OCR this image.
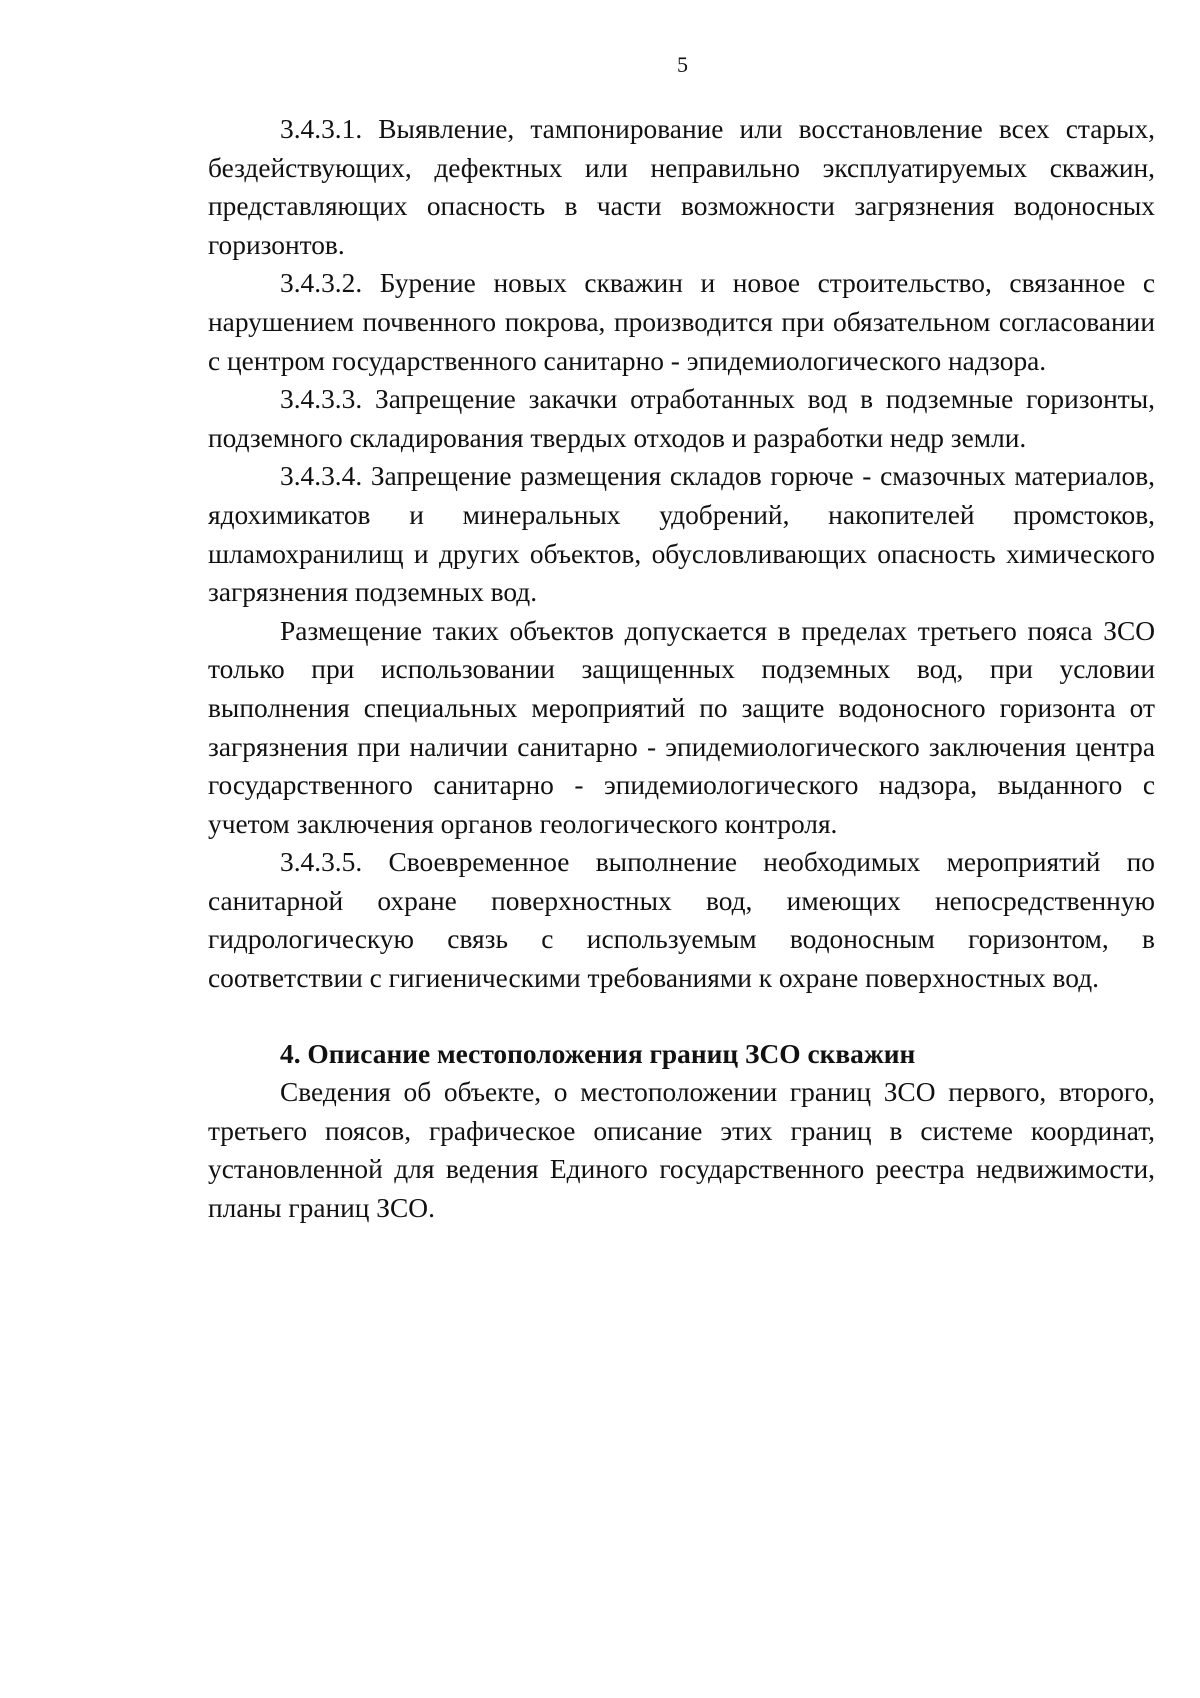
5

3.4.3.1. Выявление, тампонирование или восстановление всех старых, бездействующих, дефектных или неправильно эксплуатируемых скважин, представляющих опасность в части возможности загрязнения водоносных горизонтов.

3.4.3.2. Бурение новых скважин и новое строительство, связанное с нарушением почвенного покрова, производится при обязательном согласовании с центром государственного санитарно - эпидемиологического надзора.

3.4.3.3. Запрещение закачки отработанных вод в подземные горизонты, подземного складирования твердых отходов и разработки недр земли.

3.4.3.4. Запрещение размещения складов горюче - смазочных материалов, ядохимикатов и минеральных удобрений, накопителей промстоков, шламохранилищ и других объектов, обусловливающих опасность химического загрязнения подземных вод.

Размещение таких объектов допускается в пределах третьего пояса ЗСО только при использовании защищенных подземных вод, при условии выполнения специальных мероприятий по защите водоносного горизонта от загрязнения при наличии санитарно - эпидемиологического заключения центра государственного санитарно - эпидемиологического надзора, выданного с учетом заключения органов геологического контроля.

3.4.3.5. Своевременное выполнение необходимых мероприятий по санитарной охране поверхностных вод, имеющих непосредственную гидрологическую связь с используемым водоносным горизонтом, в соответствии с гигиеническими требованиями к охране поверхностных вод.

4. Описание местоположения границ ЗСО скважин

Сведения об объекте, о местоположении границ ЗСО первого, второго, третьего поясов, графическое описание этих границ в системе координат, установленной для ведения Единого государственного реестра недвижимости, планы границ ЗСО.
